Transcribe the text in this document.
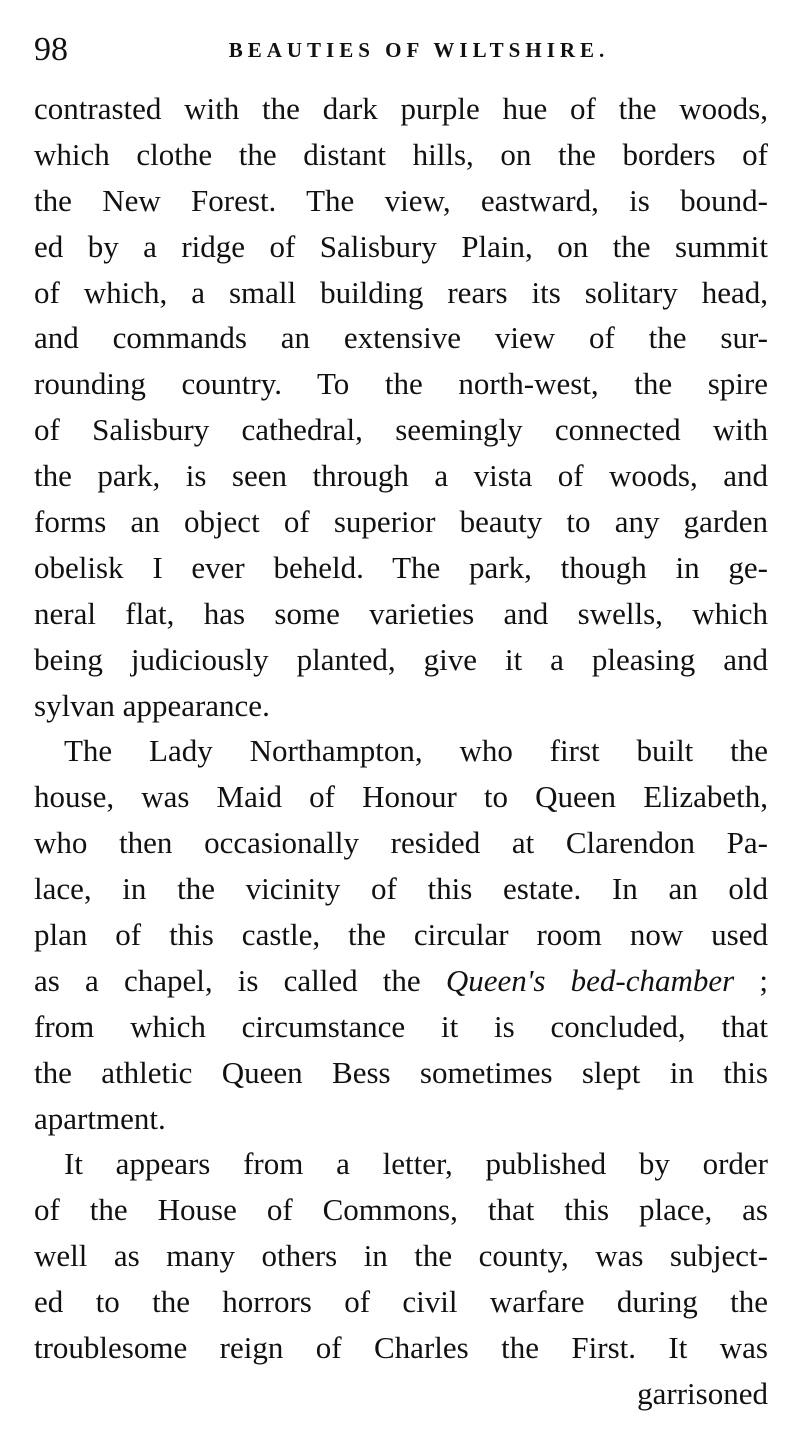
98	BEAUTIES OF WILTSHIRE.
contrasted with the dark purple hue of the woods,
which clothe the distant hills, on the borders of
the New Forest. The view, eastward, is bound-
ed by a ridge of Salisbury Plain, on the summit
of which, a small building rears its solitary head,
and commands an extensive view of the sur-
rounding country. To the north-west, the spire
of Salisbury cathedral, seemingly connected with
the park, is seen through a vista of woods, and
forms an object of superior beauty to any garden
obelisk I ever beheld. The park, though in ge-
neral flat, has some varieties and swells, which
being judiciously planted, give it a pleasing and
sylvan appearance.
The Lady Northampton, who first built the
house, was Maid of Honour to Queen Elizabeth,
who then occasionally resided at Clarendon Pa-
lace, in the vicinity of this estate. In an old
plan of this castle, the circular room now used
as a chapel, is called the Queen's bed-chamber ;
from which circumstance it is concluded, that
the athletic Queen Bess sometimes slept in this
apartment.
It appears from a letter, published by order
of the House of Commons, that this place, as
well as many others in the county, was subject-
ed to the horrors of civil warfare during the
troublesome reign of Charles the First. It was
garrisoned
